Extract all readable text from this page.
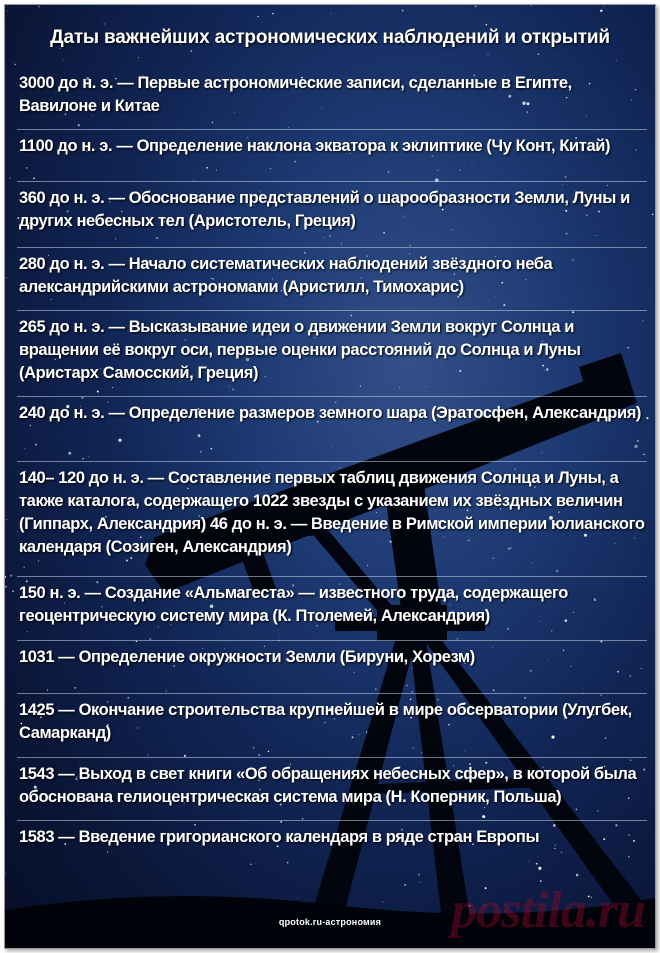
Даты важнейших астрономических наблюдений и открытий
3000 до н. э. — Первые астрономические записи, сделанные в Египте, Вавилоне и Китае
1100 до н. э. — Определение наклона экватора к эклиптике (Чу Конт, Китай)
360 до н. э. — Обоснование представлений о шарообразности Земли, Луны и других небесных тел (Аристотель, Греция)
280 до н. э. — Начало систематических наблюдений звёздного неба александрийскими астрономами (Аристилл, Тимохарис)
265 до н. э. — Высказывание идеи о движении Земли вокруг Солнца и вращении её вокруг оси, первые оценки расстояний до Солнца и Луны (Аристарх Самосский, Греция)
240 до н. э. — Определение размеров земного шара (Эратосфен, Александрия)
140– 120 до н. э. — Составление первых таблиц движения Солнца и Луны, а также каталога, содержащего 1022 звезды с указанием их звёздных величин (Гиппарх, Александрия) 46 до н. э. — Введение в Римской империи юлианского календаря (Созиген, Александрия)
150 н. э. — Создание «Альмагеста» — известного труда, содержащего геоцентрическую систему мира (К. Птолемей, Александрия)
1031 — Определение окружности Земли (Бируни, Хорезм)
1425 — Окончание строительства крупнейшей в мире обсерватории (Улугбек, Самарканд)
1543 — Выход в свет книги «Об обращениях небесных сфер», в которой была обоснована гелиоцентрическая система мира (Н. Коперник, Польша)
1583 — Введение григорианского календаря в ряде стран Европы
qpotok.ru-астрономия	postila.ru
